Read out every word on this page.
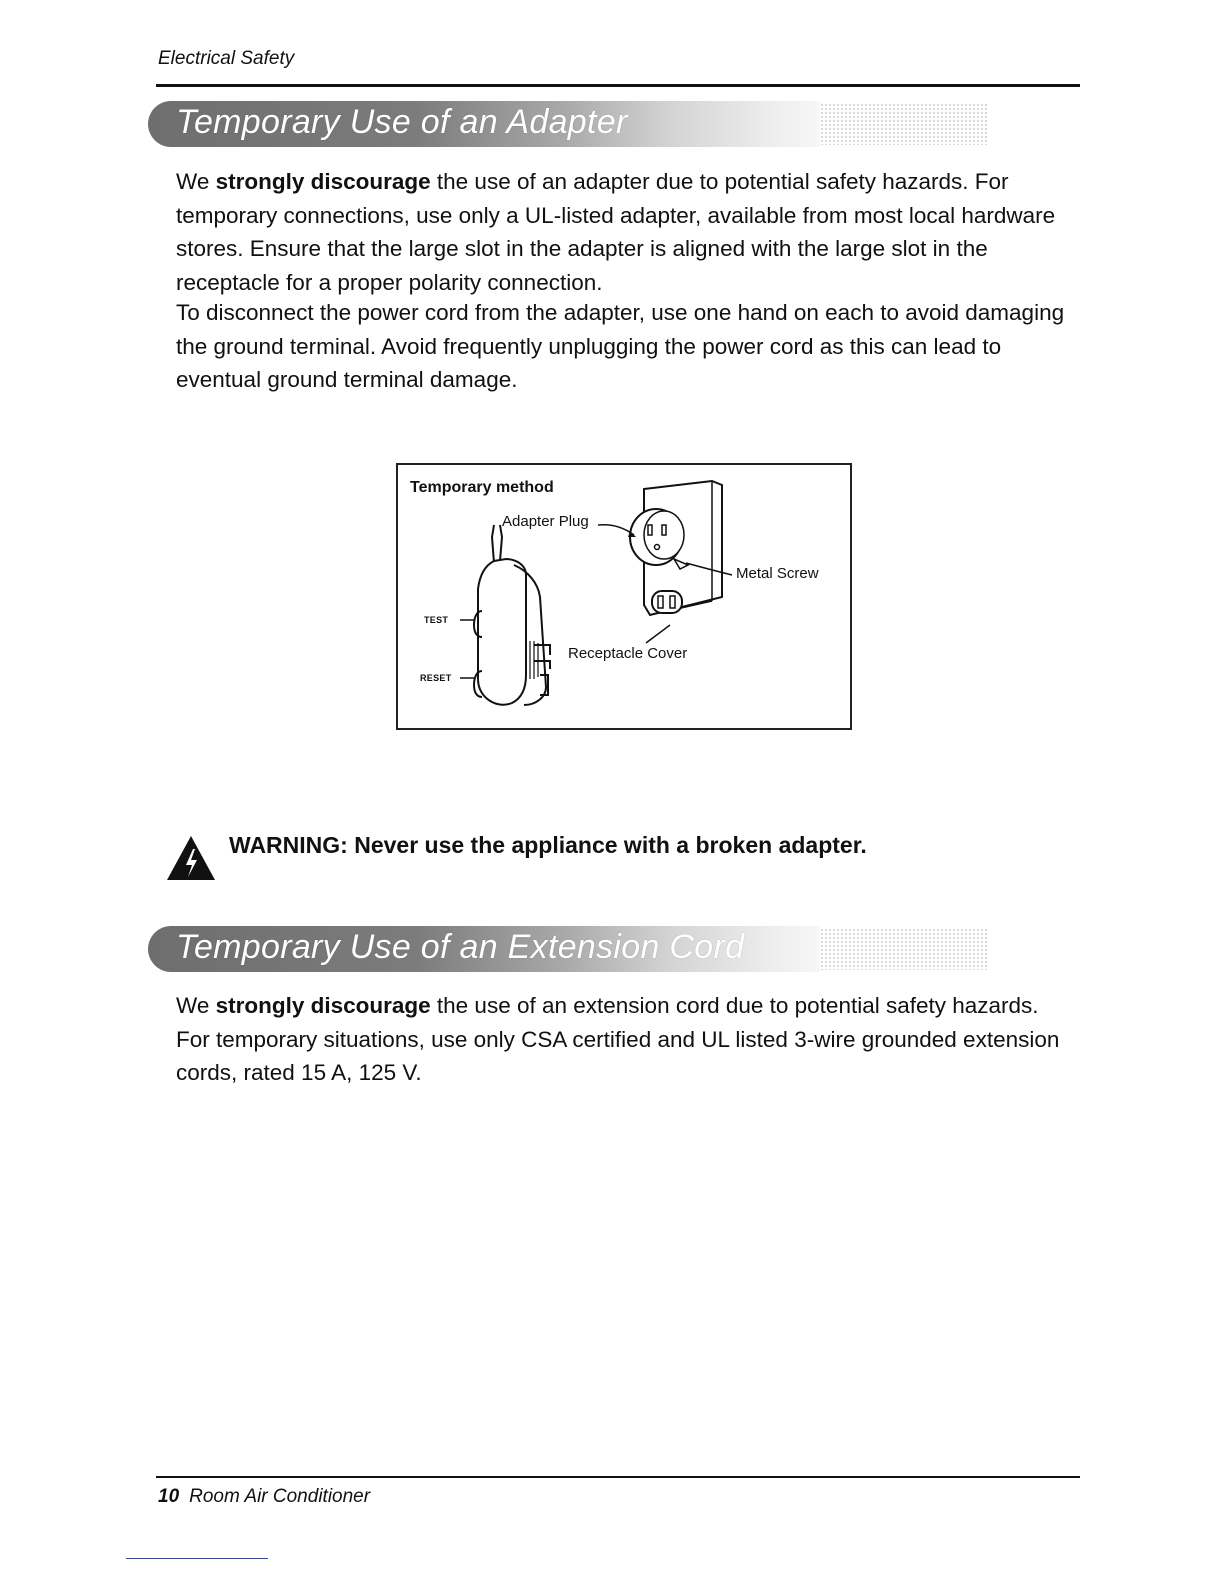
Electrical Safety
Temporary Use of an Adapter

We strongly discourage the use of an adapter due to potential safety hazards. For temporary connections, use only a UL-listed adapter, available from most local hardware stores. Ensure that the large slot in the adapter is aligned with the large slot in the receptacle for a proper polarity connection.

To disconnect the power cord from the adapter, use one hand on each to avoid damaging the ground terminal. Avoid frequently unplugging the power cord as this can lead to eventual ground terminal damage.

Temporary method
Adapter Plug
Metal Screw
Receptacle Cover
TEST
RESET
WARNING: Never use the appliance with a broken adapter.
Temporary Use of an Extension Cord

We strongly discourage the use of an extension cord due to potential safety hazards. For temporary situations, use only CSA certified and UL listed 3-wire grounded extension cords, rated 15 A, 125 V.

10 Room Air Conditioner
